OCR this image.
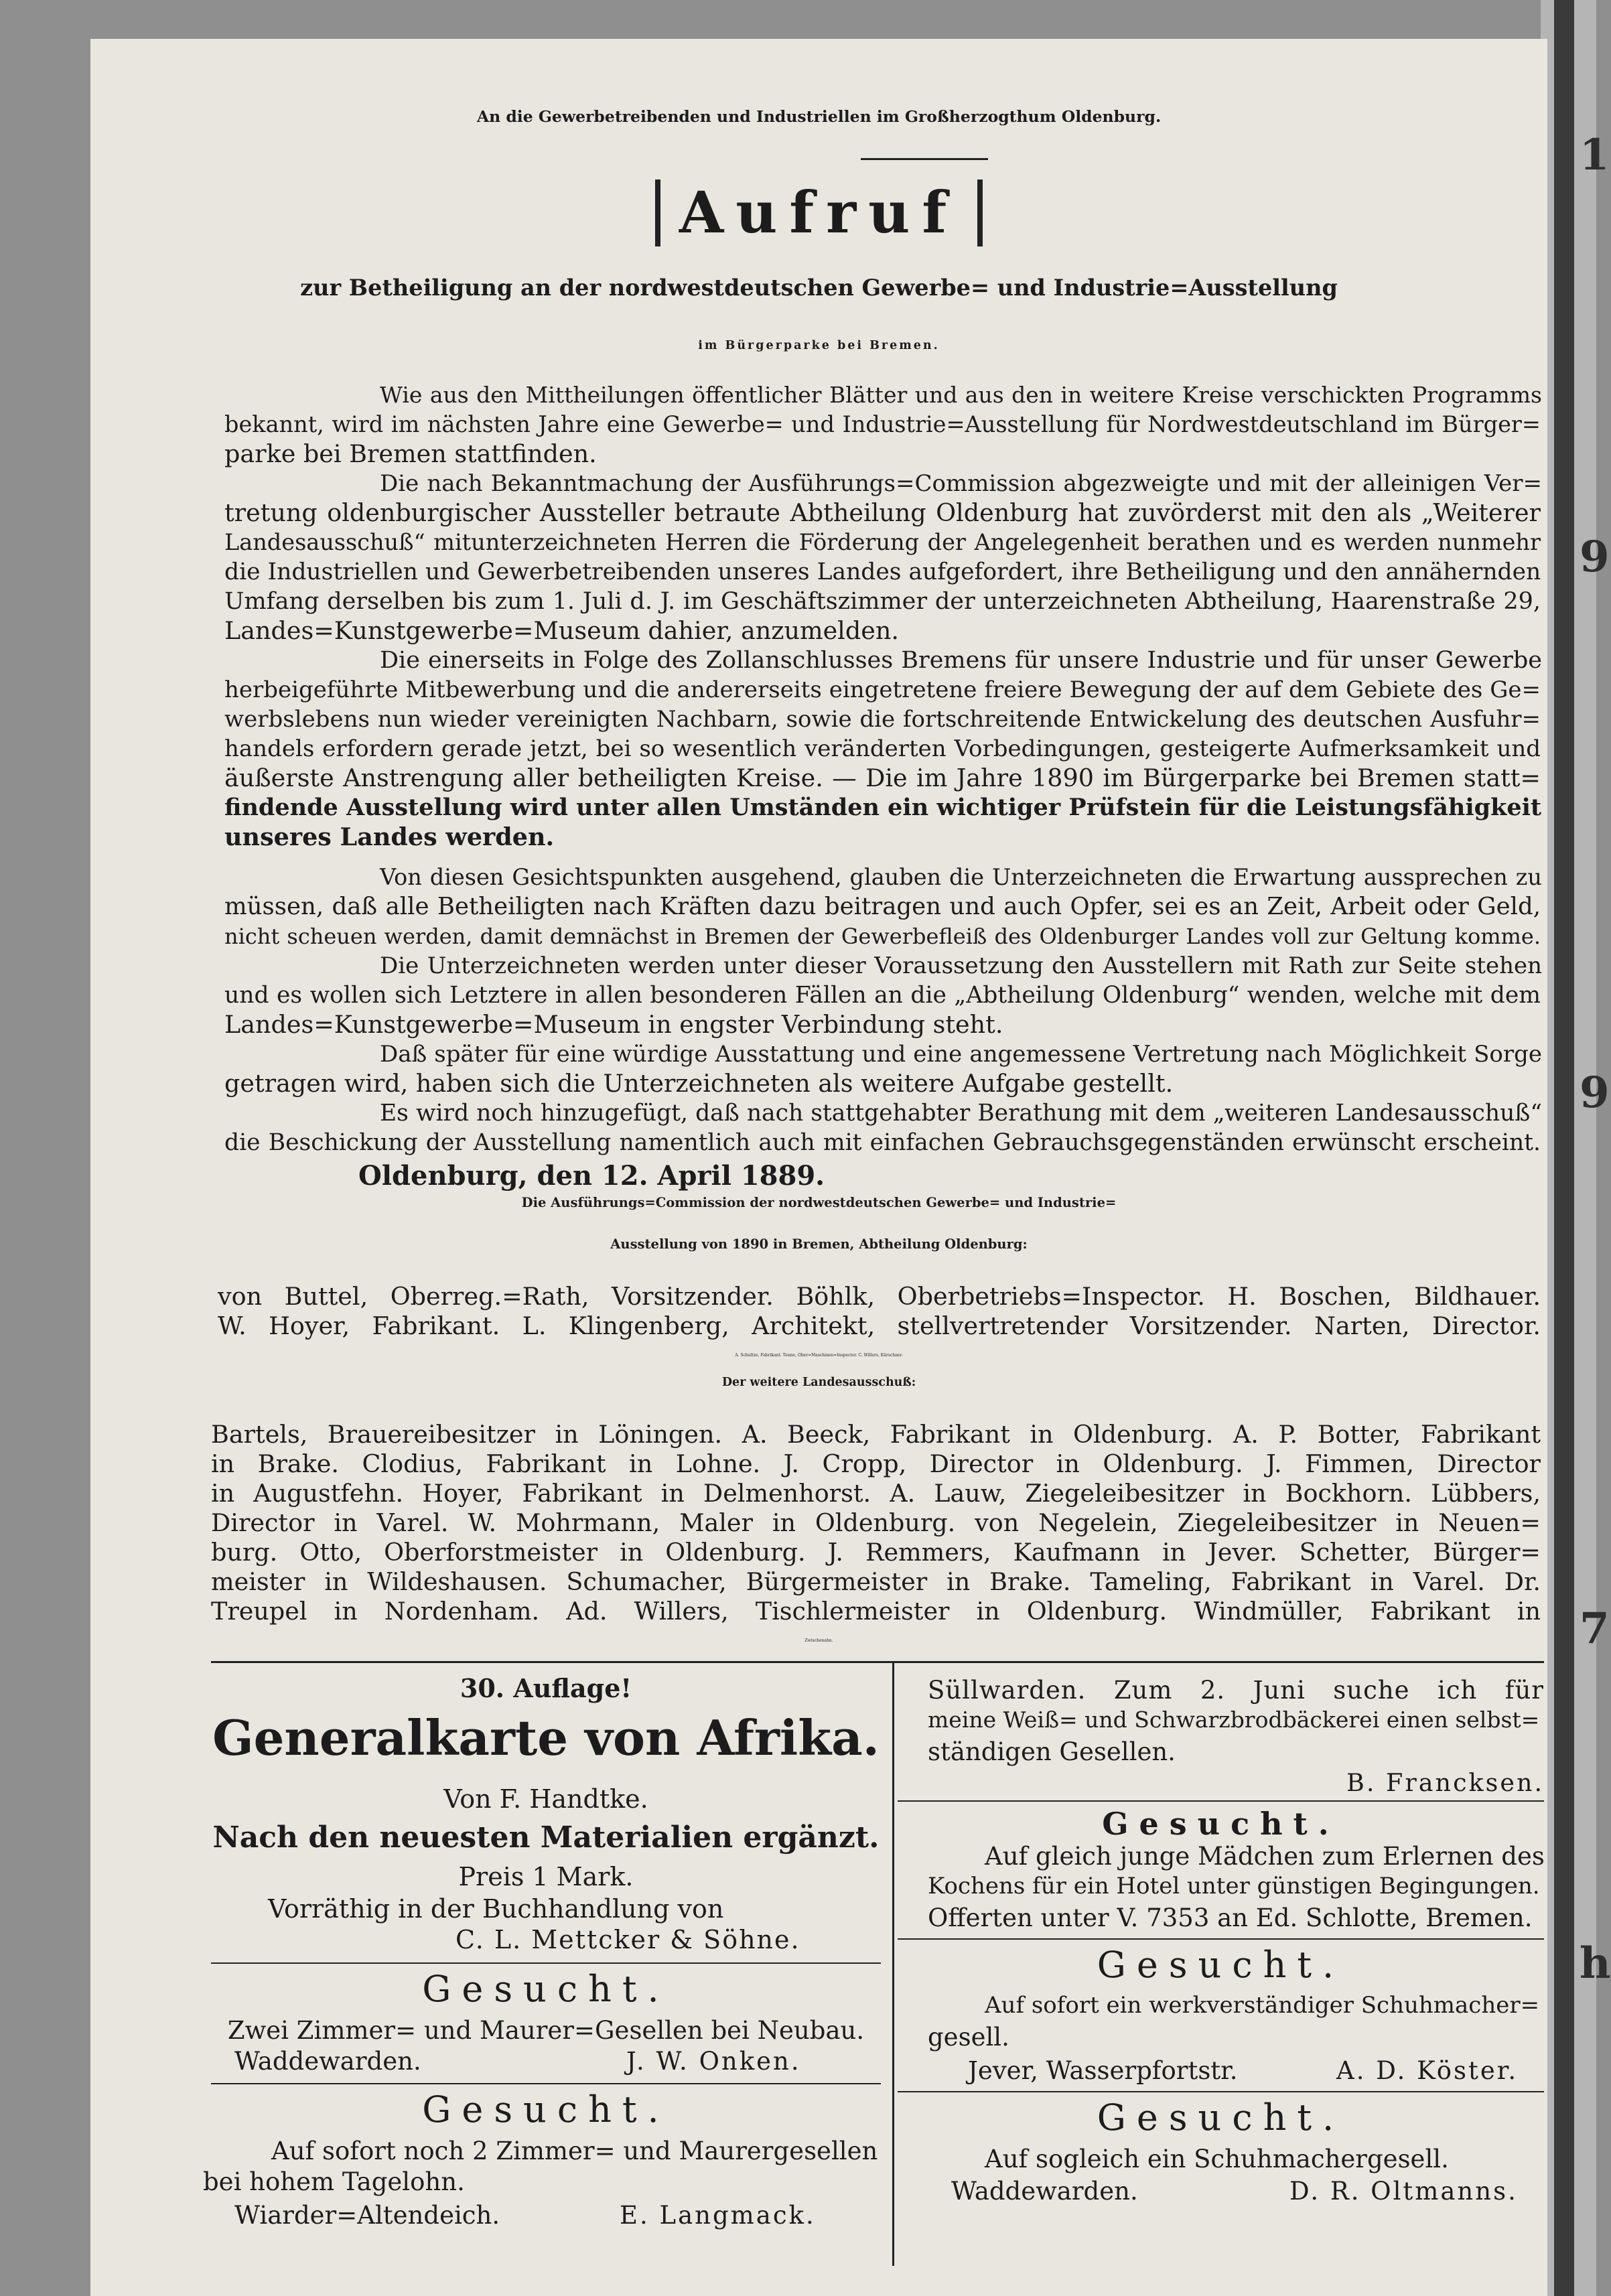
1
9
9
7
h
An die Gewerbetreibenden und Industriellen im Großherzogthum Oldenburg.
Aufruf
zur Betheiligung an der nordwestdeutschen Gewerbe= und Industrie=Ausstellung
im Bürgerparke bei Bremen.
Wie aus den Mittheilungen öffentlicher Blätter und aus den in weitere Kreise verschickten Programms
bekannt, wird im nächsten Jahre eine Gewerbe= und Industrie=Ausstellung für Nordwestdeutschland im Bürger=
parke bei Bremen stattfinden.
Die nach Bekanntmachung der Ausführungs=Commission abgezweigte und mit der alleinigen Ver=
tretung oldenburgischer Aussteller betraute Abtheilung Oldenburg hat zuvörderst mit den als „Weiterer
Landesausschuß“ mitunterzeichneten Herren die Förderung der Angelegenheit berathen und es werden nunmehr
die Industriellen und Gewerbetreibenden unseres Landes aufgefordert, ihre Betheiligung und den annähernden
Umfang derselben bis zum 1. Juli d. J. im Geschäftszimmer der unterzeichneten Abtheilung, Haarenstraße 29,
Landes=Kunstgewerbe=Museum dahier, anzumelden.
Die einerseits in Folge des Zollanschlusses Bremens für unsere Industrie und für unser Gewerbe
herbeigeführte Mitbewerbung und die andererseits eingetretene freiere Bewegung der auf dem Gebiete des Ge=
werbslebens nun wieder vereinigten Nachbarn, sowie die fortschreitende Entwickelung des deutschen Ausfuhr=
handels erfordern gerade jetzt, bei so wesentlich veränderten Vorbedingungen, gesteigerte Aufmerksamkeit und
äußerste Anstrengung aller betheiligten Kreise. — Die im Jahre 1890 im Bürgerparke bei Bremen statt=
findende Ausstellung wird unter allen Umständen ein wichtiger Prüfstein für die Leistungsfähigkeit
unseres Landes werden.
Von diesen Gesichtspunkten ausgehend, glauben die Unterzeichneten die Erwartung aussprechen zu
müssen, daß alle Betheiligten nach Kräften dazu beitragen und auch Opfer, sei es an Zeit, Arbeit oder Geld,
nicht scheuen werden, damit demnächst in Bremen der Gewerbefleiß des Oldenburger Landes voll zur Geltung komme.
Die Unterzeichneten werden unter dieser Voraussetzung den Ausstellern mit Rath zur Seite stehen
und es wollen sich Letztere in allen besonderen Fällen an die „Abtheilung Oldenburg“ wenden, welche mit dem
Landes=Kunstgewerbe=Museum in engster Verbindung steht.
Daß später für eine würdige Ausstattung und eine angemessene Vertretung nach Möglichkeit Sorge
getragen wird, haben sich die Unterzeichneten als weitere Aufgabe gestellt.
Es wird noch hinzugefügt, daß nach stattgehabter Berathung mit dem „weiteren Landesausschuß“
die Beschickung der Ausstellung namentlich auch mit einfachen Gebrauchsgegenständen erwünscht erscheint.
Oldenburg, den 12. April 1889.
Die Ausführungs=Commission der nordwestdeutschen Gewerbe= und Industrie=
Ausstellung von 1890 in Bremen, Abtheilung Oldenburg:
von Buttel, Oberreg.=Rath, Vorsitzender. Böhlk, Oberbetriebs=Inspector. H. Boschen, Bildhauer.
W. Hoyer, Fabrikant. L. Klingenberg, Architekt, stellvertretender Vorsitzender. Narten, Director.
A. Schultze, Fabrikant. Tenne, Ober=Maschinen=Inspector. C. Willers, Kürschner.
Der weitere Landesausschuß:
Bartels, Brauereibesitzer in Löningen. A. Beeck, Fabrikant in Oldenburg. A. P. Botter, Fabrikant
in Brake. Clodius, Fabrikant in Lohne. J. Cropp, Director in Oldenburg. J. Fimmen, Director
in Augustfehn. Hoyer, Fabrikant in Delmenhorst. A. Lauw, Ziegeleibesitzer in Bockhorn. Lübbers,
Director in Varel. W. Mohrmann, Maler in Oldenburg. von Negelein, Ziegeleibesitzer in Neuen=
burg. Otto, Oberforstmeister in Oldenburg. J. Remmers, Kaufmann in Jever. Schetter, Bürger=
meister in Wildeshausen. Schumacher, Bürgermeister in Brake. Tameling, Fabrikant in Varel. Dr.
Treupel in Nordenham. Ad. Willers, Tischlermeister in Oldenburg. Windmüller, Fabrikant in
Zwischenahn.
30. Auflage!
Generalkarte von Afrika.
Von F. Handtke.
Nach den neuesten Materialien ergänzt.
Preis 1 Mark.
Vorräthig in der Buchhandlung von
C. L. Mettcker & Söhne.
Gesucht.
Zwei Zimmer= und Maurer=Gesellen bei Neubau.
Waddewarden.	J. W. Onken.
Gesucht.
Auf sofort noch 2 Zimmer= und Maurergesellen
bei hohem Tagelohn.
Wiarder=Altendeich.	E. Langmack.
Süllwarden. Zum 2. Juni suche ich für
meine Weiß= und Schwarzbrodbäckerei einen selbst=
ständigen Gesellen.
B. Francksen.
Gesucht.
Auf gleich junge Mädchen zum Erlernen des
Kochens für ein Hotel unter günstigen Begingungen.
Offerten unter V. 7353 an Ed. Schlotte, Bremen.
Gesucht.
Auf sofort ein werkverständiger Schuhmacher=
gesell.
Jever, Wasserpfortstr.	A. D. Köster.
Gesucht.
Auf sogleich ein Schuhmachergesell.
Waddewarden.	D. R. Oltmanns.
